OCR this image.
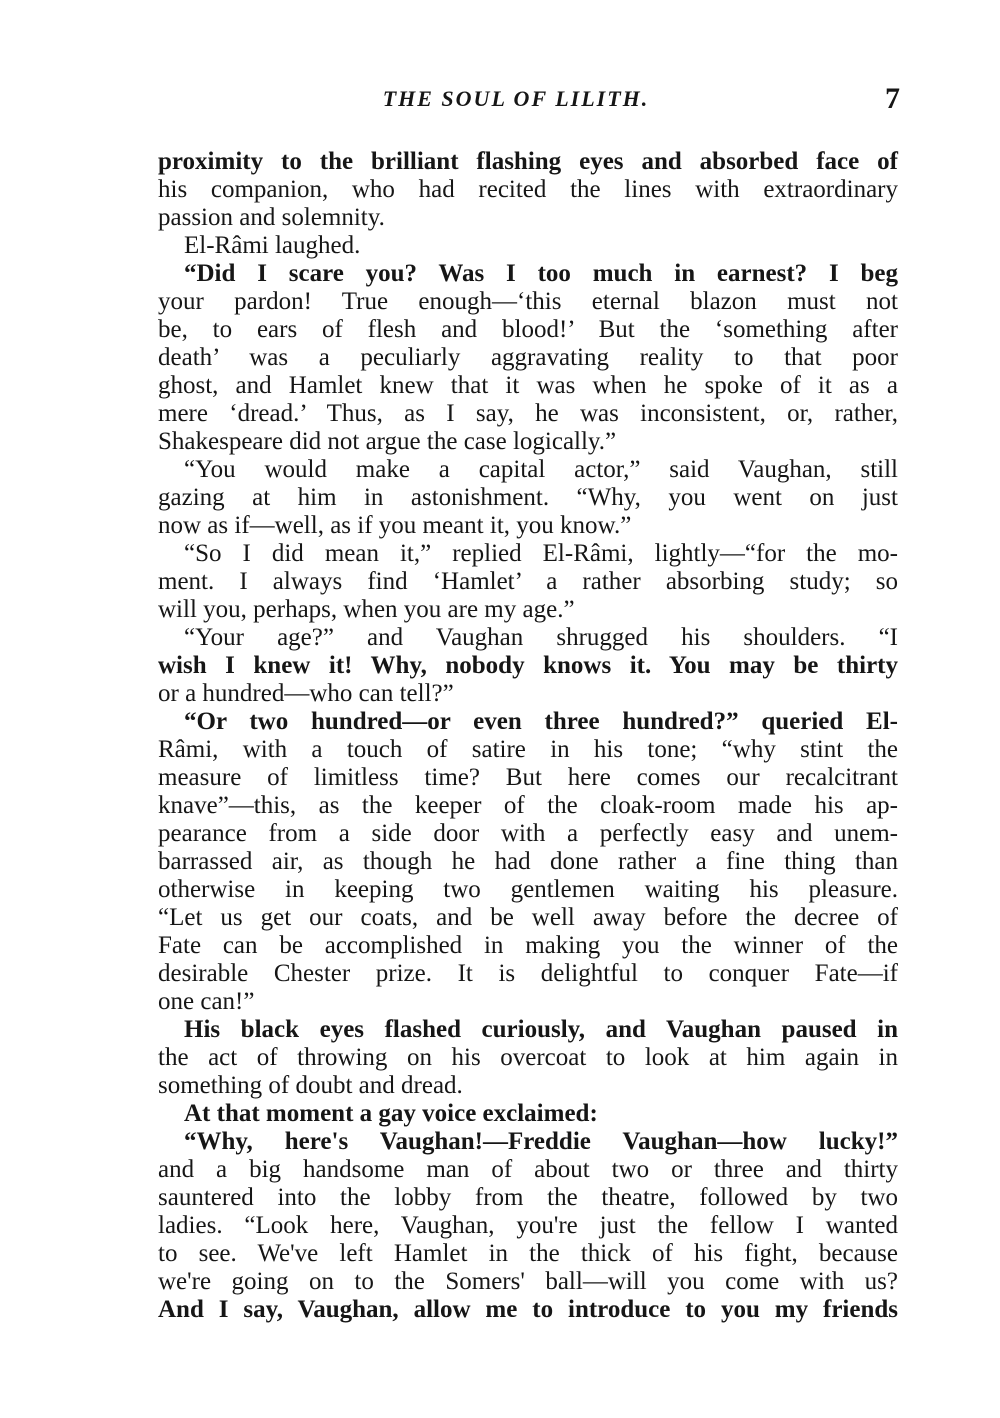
THE SOUL OF LILITH.	7
proximity to the brilliant flashing eyes and absorbed face of
his companion, who had recited the lines with extraordinary
passion and solemnity.
El-Râmi laughed.
“Did I scare you? Was I too much in earnest? I beg
your pardon! True enough—‘this eternal blazon must not
be, to ears of flesh and blood!’ But the ‘something after
death’ was a peculiarly aggravating reality to that poor
ghost, and Hamlet knew that it was when he spoke of it as a
mere ‘dread.’ Thus, as I say, he was inconsistent, or, rather,
Shakespeare did not argue the case logically.”
“You would make a capital actor,” said Vaughan, still
gazing at him in astonishment. “Why, you went on just
now as if—well, as if you meant it, you know.”
“So I did mean it,” replied El-Râmi, lightly—“for the mo-
ment. I always find ‘Hamlet’ a rather absorbing study; so
will you, perhaps, when you are my age.”
“Your age?” and Vaughan shrugged his shoulders. “I
wish I knew it! Why, nobody knows it. You may be thirty
or a hundred—who can tell?”
“Or two hundred—or even three hundred?” queried El-
Râmi, with a touch of satire in his tone; “why stint the
measure of limitless time? But here comes our recalcitrant
knave”—this, as the keeper of the cloak-room made his ap-
pearance from a side door with a perfectly easy and unem-
barrassed air, as though he had done rather a fine thing than
otherwise in keeping two gentlemen waiting his pleasure.
“Let us get our coats, and be well away before the decree of
Fate can be accomplished in making you the winner of the
desirable Chester prize. It is delightful to conquer Fate—if
one can!”
His black eyes flashed curiously, and Vaughan paused in
the act of throwing on his overcoat to look at him again in
something of doubt and dread.
At that moment a gay voice exclaimed:
“Why, here's Vaughan!—Freddie Vaughan—how lucky!”
and a big handsome man of about two or three and thirty
sauntered into the lobby from the theatre, followed by two
ladies. “Look here, Vaughan, you're just the fellow I wanted
to see. We've left Hamlet in the thick of his fight, because
we're going on to the Somers' ball—will you come with us?
And I say, Vaughan, allow me to introduce to you my friends
